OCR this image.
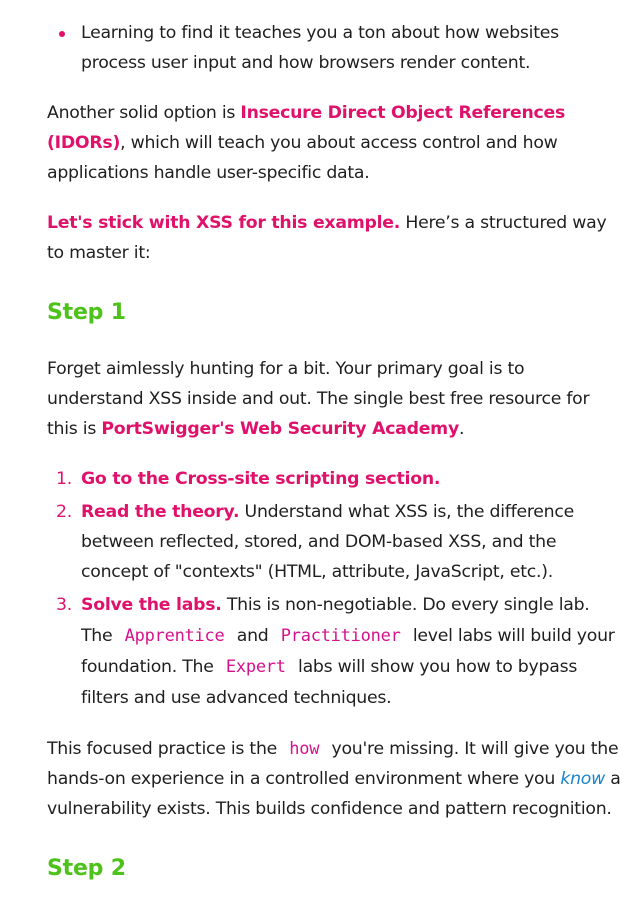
Learning to find it teaches you a ton about how websites process user input and how browsers render content.

Another solid option is Insecure Direct Object References (IDORs), which will teach you about access control and how applications handle user-specific data.

Let's stick with XSS for this example. Here’s a structured way to master it:

Step 1

Forget aimlessly hunting for a bit. Your primary goal is to understand XSS inside and out. The single best free resource for this is PortSwigger's Web Security Academy.

1. Go to the Cross-site scripting section.
2. Read the theory. Understand what XSS is, the difference between reflected, stored, and DOM-based XSS, and the concept of "contexts" (HTML, attribute, JavaScript, etc.).
3. Solve the labs. This is non-negotiable. Do every single lab. The Apprentice and Practitioner level labs will build your foundation. The Expert labs will show you how to bypass filters and use advanced techniques.

This focused practice is the how you're missing. It will give you the hands-on experience in a controlled environment where you know a vulnerability exists. This builds confidence and pattern recognition.

Step 2
